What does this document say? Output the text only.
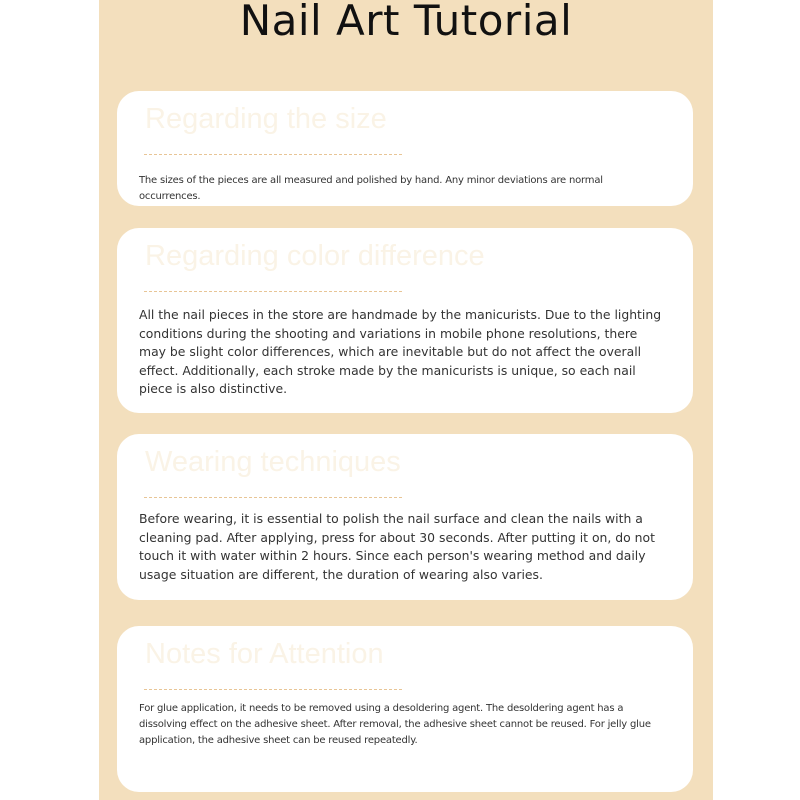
Nail Art Tutorial
Regarding the size

The sizes of the pieces are all measured and polished by hand. Any minor deviations are normal occurrences.

Regarding color difference

All the nail pieces in the store are handmade by the manicurists. Due to the lighting conditions during the shooting and variations in mobile phone resolutions, there may be slight color differences, which are inevitable but do not affect the overall effect. Additionally, each stroke made by the manicurists is unique, so each nail piece is also distinctive.

Wearing techniques

Before wearing, it is essential to polish the nail surface and clean the nails with a cleaning pad. After applying, press for about 30 seconds. After putting it on, do not touch it with water within 2 hours. Since each person's wearing method and daily usage situation are different, the duration of wearing also varies.

Notes for Attention

For glue application, it needs to be removed using a desoldering agent. The desoldering agent has a dissolving effect on the adhesive sheet. After removal, the adhesive sheet cannot be reused. For jelly glue application, the adhesive sheet can be reused repeatedly.
